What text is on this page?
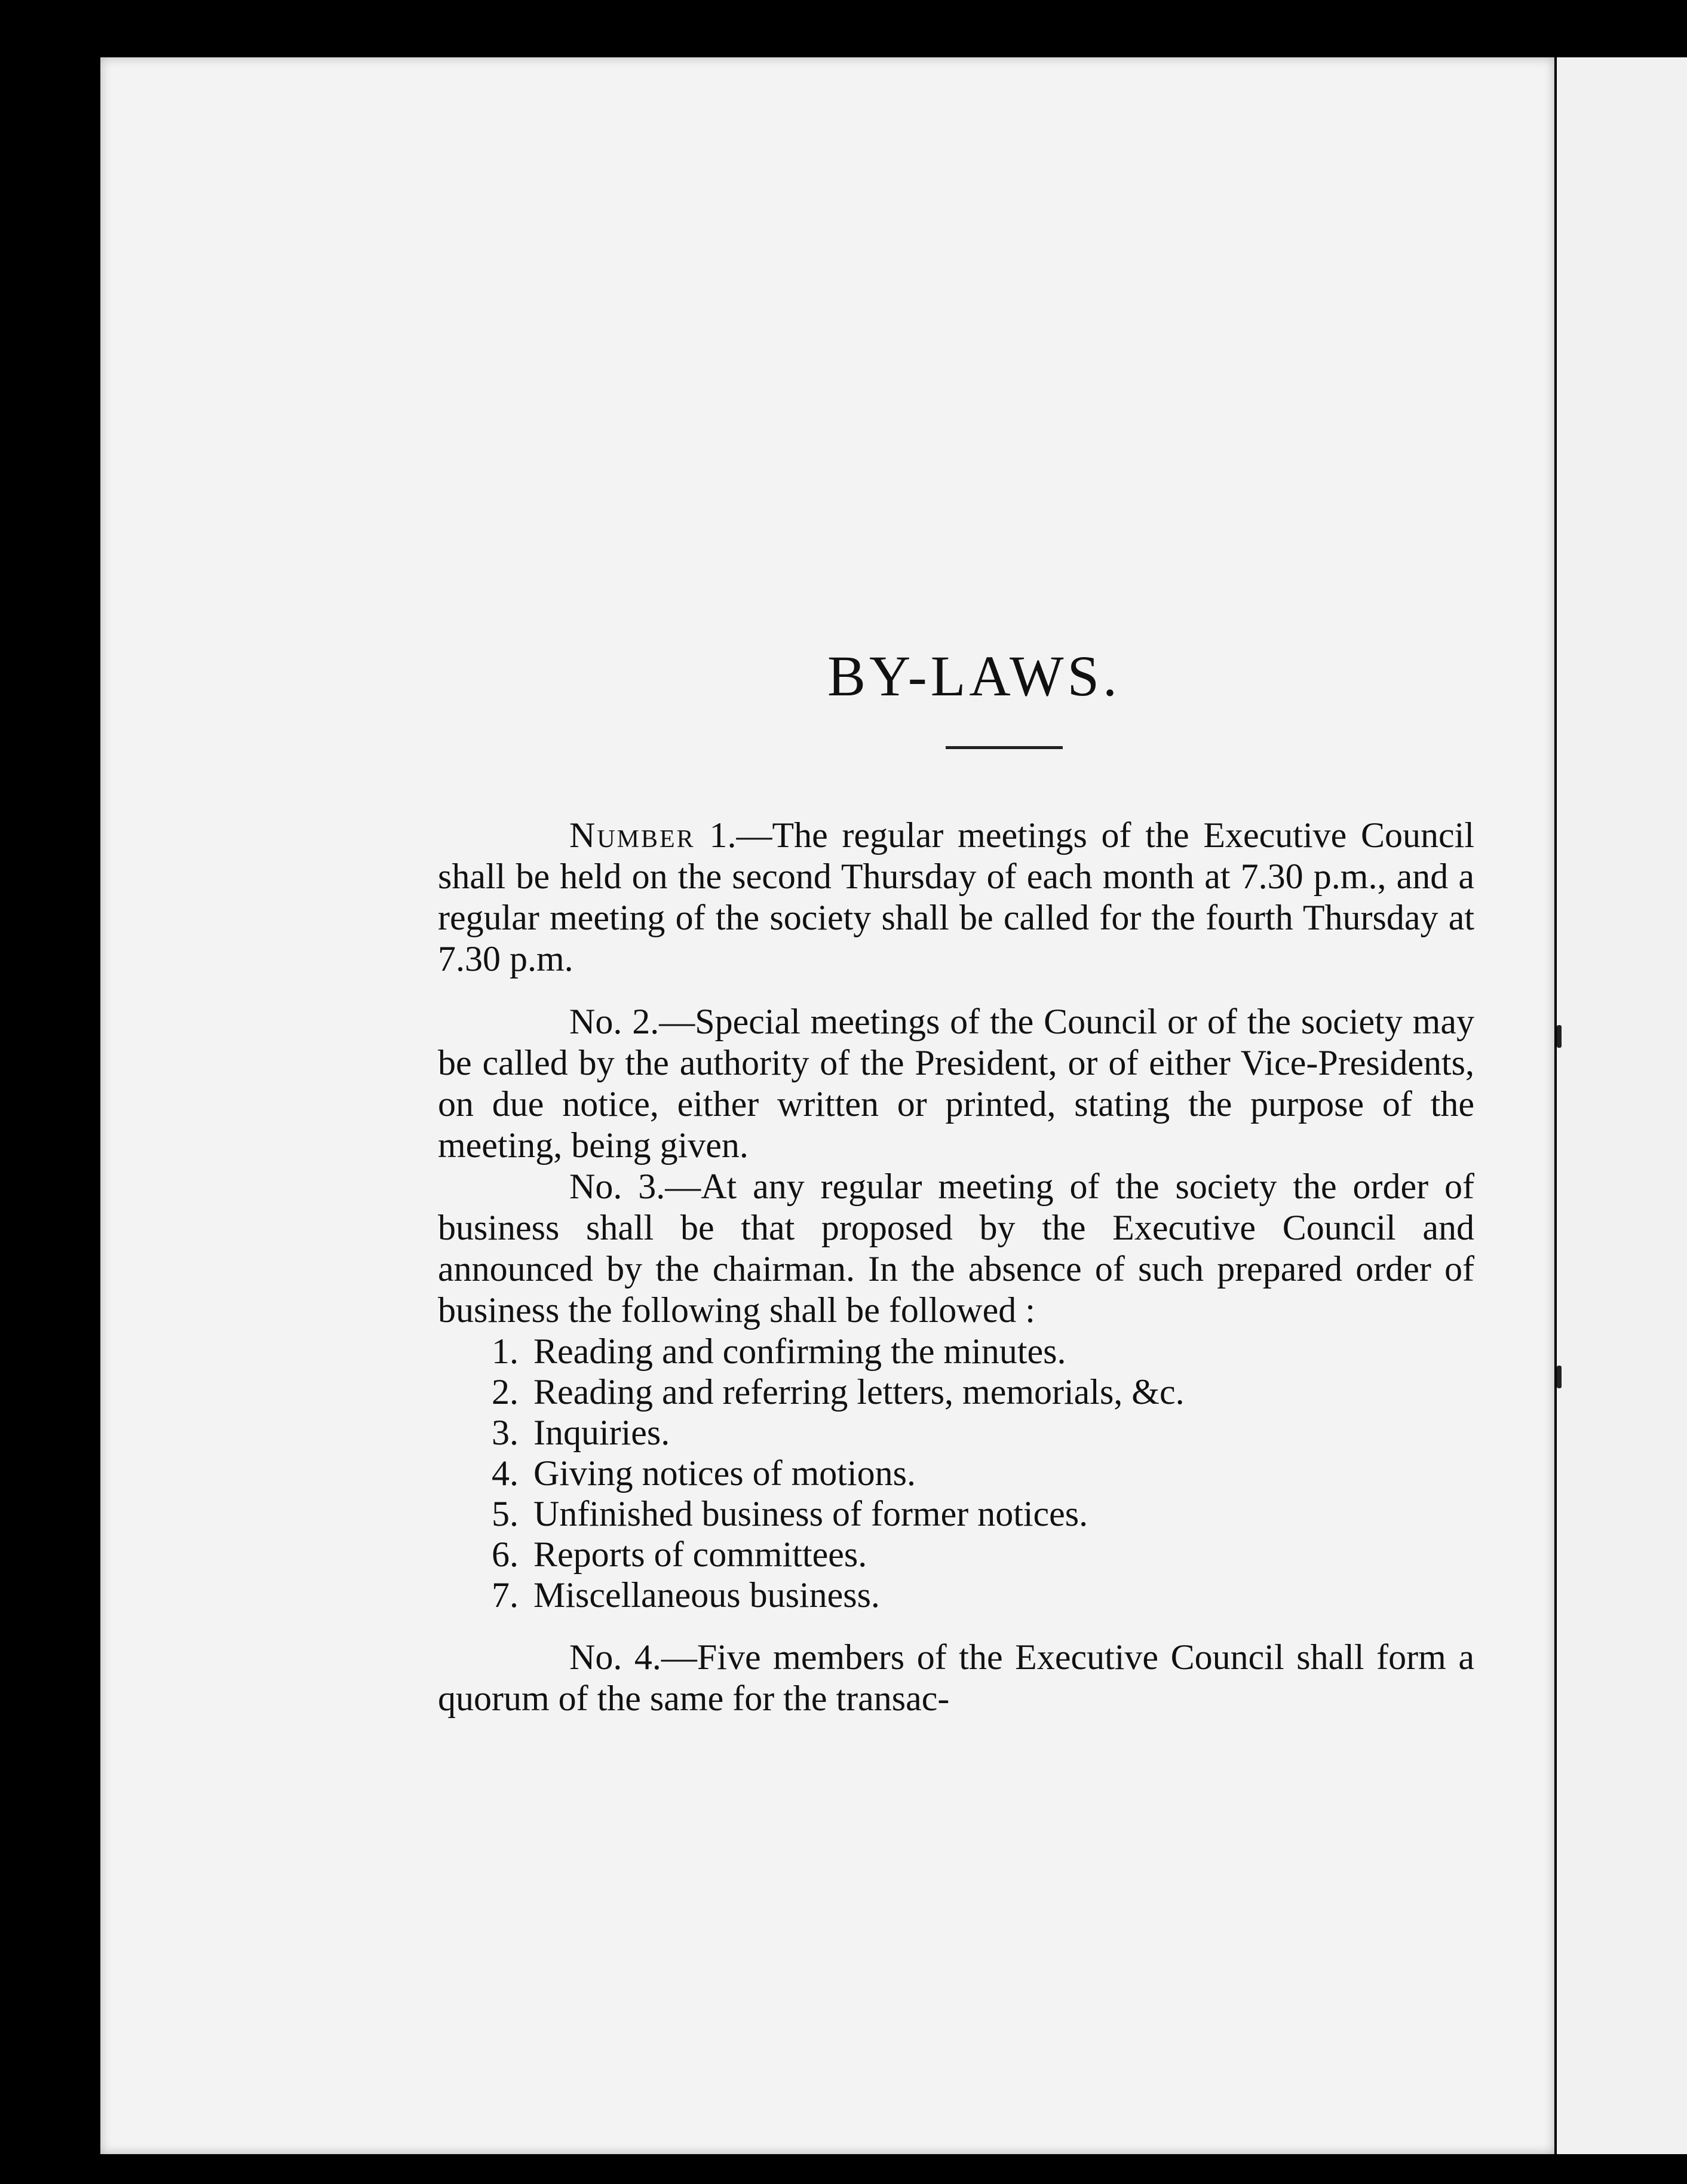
BY-LAWS.

Number 1.—The regular meetings of the Executive Council shall be held on the second Thursday of each month at 7.30 p.m., and a regular meeting of the society shall be called for the fourth Thursday at 7.30 p.m.

No. 2.—Special meetings of the Council or of the society may be called by the authority of the President, or of either Vice-Presidents, on due notice, either written or printed, stating the purpose of the meeting, being given.

No. 3.—At any regular meeting of the society the order of business shall be that proposed by the Executive Council and announced by the chairman. In the absence of such prepared order of business the following shall be followed :

1. Reading and confirming the minutes.
2. Reading and referring letters, memorials, &c.
3. Inquiries.
4. Giving notices of motions.
5. Unfinished business of former notices.
6. Reports of committees.
7. Miscellaneous business.

No. 4.—Five members of the Executive Council shall form a quorum of the same for the transac-
